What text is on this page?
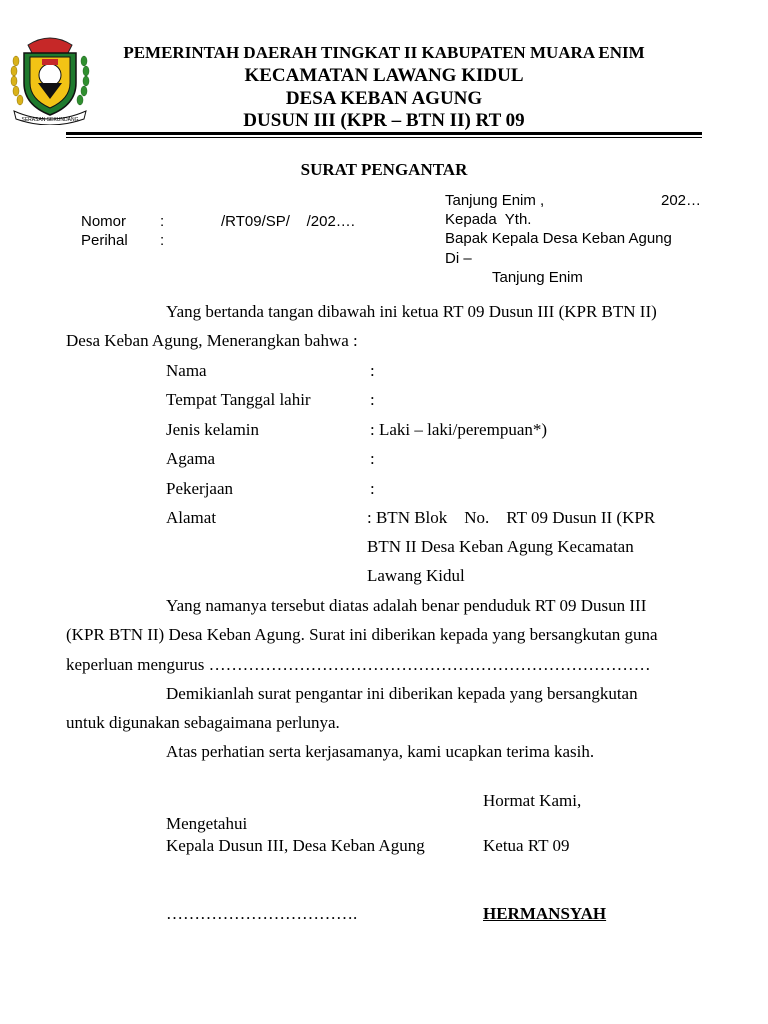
SERASAN SEKUNDANG
PEMERINTAH DAERAH TINGKAT II KABUPATEN MUARA ENIM
KECAMATAN LAWANG KIDUL
DESA KEBAN AGUNG
DUSUN III (KPR – BTN II) RT 09
SURAT PENGANTAR
Nomor :	/RT09/SP/    /202….
Perihal :
Tanjung Enim ,	202…
Kepada  Yth.
Bapak Kepala Desa Keban Agung
Di –
Tanjung Enim
Yang bertanda tangan dibawah ini ketua RT 09 Dusun III (KPR BTN II)
Desa Keban Agung, Menerangkan bahwa :
Nama	:
Tempat Tanggal lahir	:
Jenis kelamin	: Laki – laki/perempuan*)
Agama	:
Pekerjaan	:
Alamat	: BTN Blok    No.    RT 09 Dusun II (KPR
BTN II Desa Keban Agung Kecamatan
Lawang Kidul
Yang namanya tersebut diatas adalah benar penduduk RT 09 Dusun III
(KPR BTN II) Desa Keban Agung. Surat ini diberikan kepada yang bersangkutan guna
keperluan mengurus ……………………………………………………………………
Demikianlah surat pengantar ini diberikan kepada yang bersangkutan
untuk digunakan sebagaimana perlunya.
Atas perhatian serta kerjasamanya, kami ucapkan terima kasih.
Hormat Kami,
Mengetahui
Kepala Dusun III, Desa Keban Agung	Ketua RT 09
…………………………….	HERMANSYAH
